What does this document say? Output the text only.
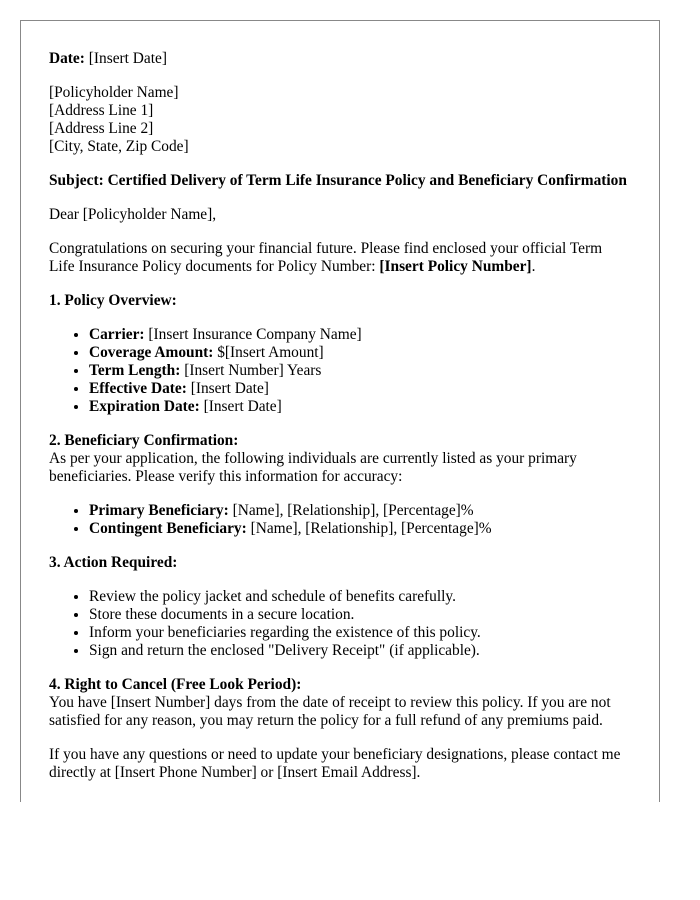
Date: [Insert Date]

[Policyholder Name]
[Address Line 1]
[Address Line 2]
[City, State, Zip Code]

Subject: Certified Delivery of Term Life Insurance Policy and Beneficiary Confirmation

Dear [Policyholder Name],

Congratulations on securing your financial future. Please find enclosed your official Term Life Insurance Policy documents for Policy Number: [Insert Policy Number].

1. Policy Overview:

• Carrier: [Insert Insurance Company Name]
• Coverage Amount: $[Insert Amount]
• Term Length: [Insert Number] Years
• Effective Date: [Insert Date]
• Expiration Date: [Insert Date]

2. Beneficiary Confirmation:
As per your application, the following individuals are currently listed as your primary beneficiaries. Please verify this information for accuracy:

• Primary Beneficiary: [Name], [Relationship], [Percentage]%
• Contingent Beneficiary: [Name], [Relationship], [Percentage]%

3. Action Required:

• Review the policy jacket and schedule of benefits carefully.
• Store these documents in a secure location.
• Inform your beneficiaries regarding the existence of this policy.
• Sign and return the enclosed "Delivery Receipt" (if applicable).

4. Right to Cancel (Free Look Period):
You have [Insert Number] days from the date of receipt to review this policy. If you are not satisfied for any reason, you may return the policy for a full refund of any premiums paid.

If you have any questions or need to update your beneficiary designations, please contact me directly at [Insert Phone Number] or [Insert Email Address].
